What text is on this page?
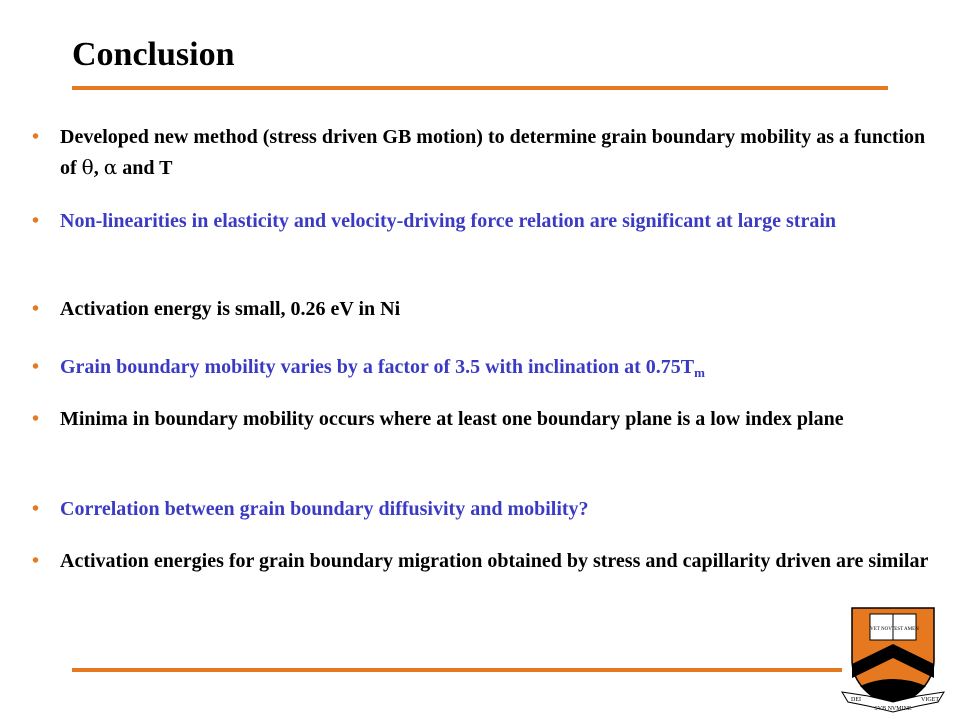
Conclusion
•	Developed new method (stress driven GB motion) to determine grain boundary mobility as a function of θ, α and T
•	Non-linearities in elasticity and velocity-driving force relation are significant at large strain
•	Activation energy is small, 0.26 eV in Ni
•	Grain boundary mobility varies by a factor of 3.5 with inclination at $0.75T_m$
•	Minima in boundary mobility occurs where at least one boundary plane is a low index plane
•	Correlation between grain boundary diffusivity and mobility?
•	Activation energies for grain boundary migration obtained by stress and capillarity driven are similar
VET NOV TEST AMEN
DEI	VIGET
SVB NVMINE
